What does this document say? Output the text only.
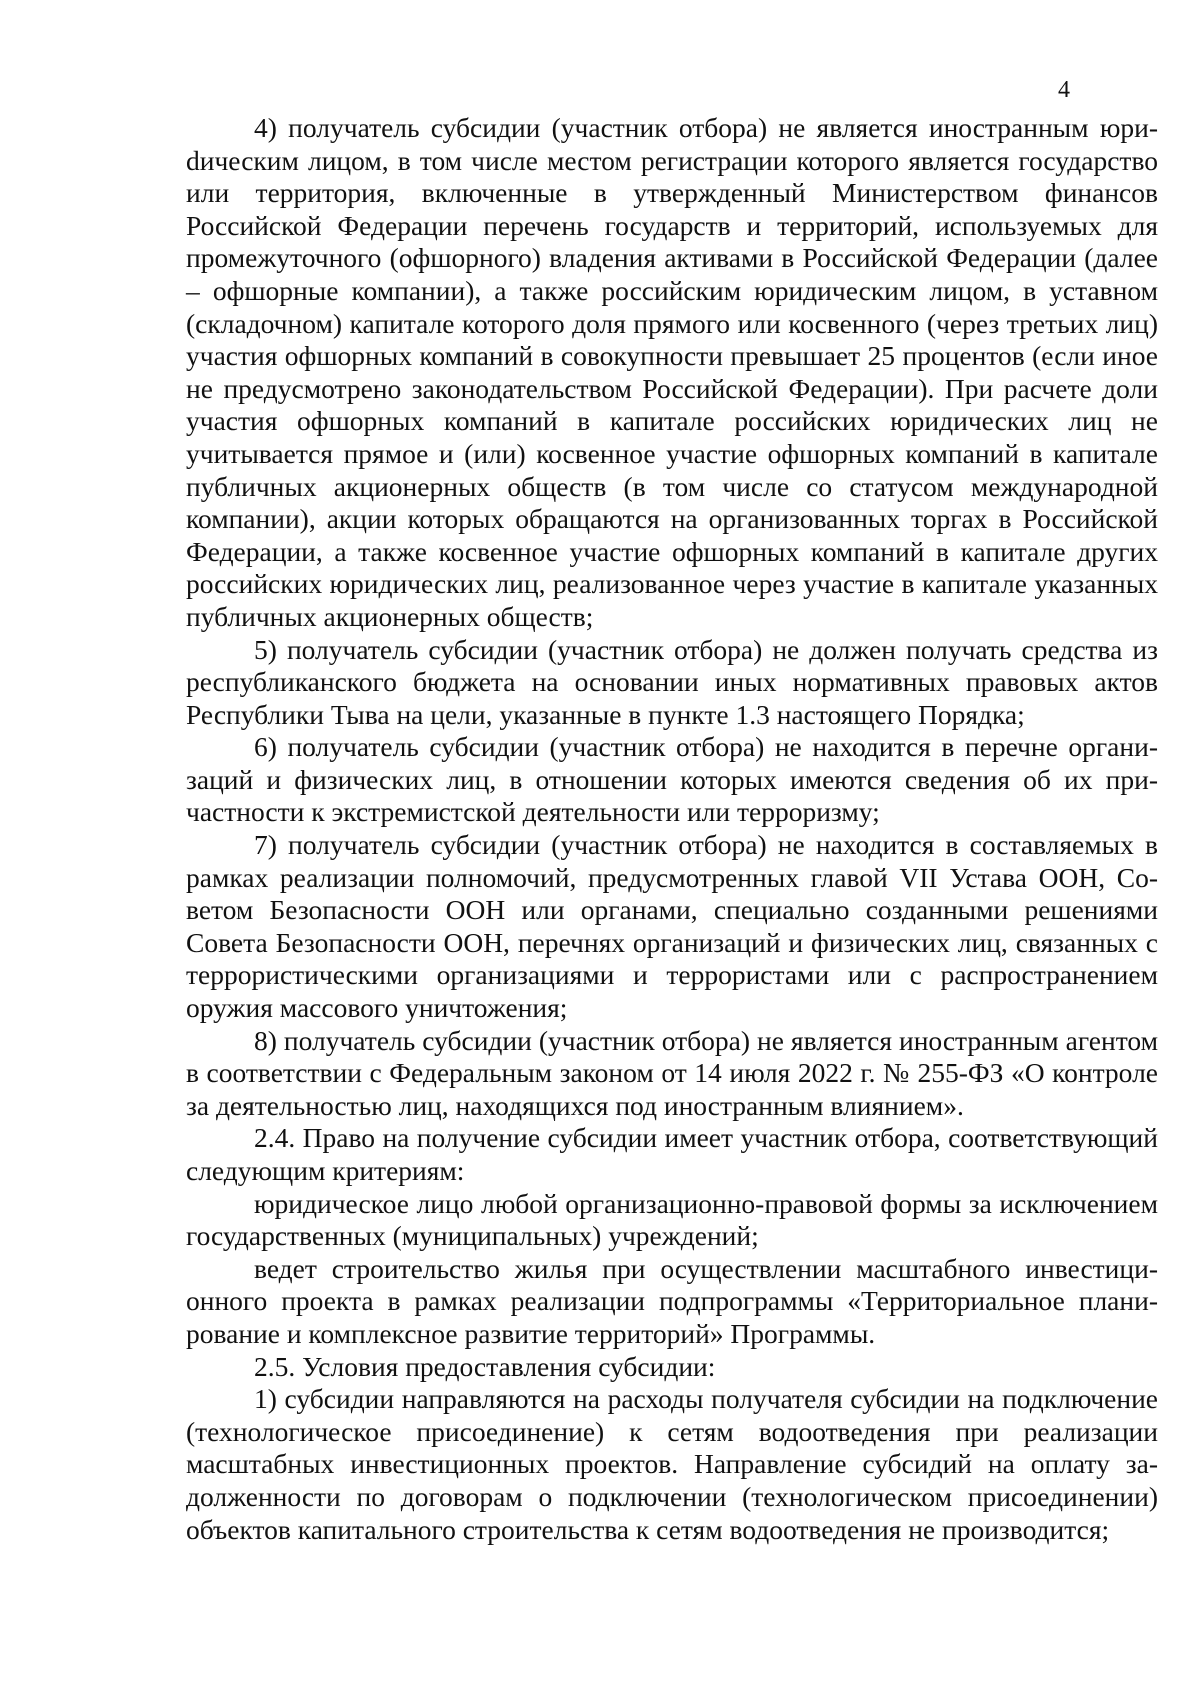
4

4) получатель субсидии (участник отбора) не является иностранным юриdическим лицом, в том числе местом регистрации которого является государство или территория, включенные в утвержденный Министерством финансов Российской Федерации перечень государств и территорий, используемых для промежуточного (офшорного) владения активами в Российской Федерации (далее – офшорные компании), а также российским юридическим лицом, в уставном (складочном) капитале которого доля прямого или косвенного (через третьих лиц) участия офшорных компаний в совокупности превышает 25 процентов (если иное не предусмотрено законодательством Российской Федерации). При расчете доли участия офшорных компаний в капитале российских юридических лиц не учитывается прямое и (или) косвенное участие офшорных компаний в капитале публичных акционерных обществ (в том числе со статусом международной компании), акции которых обращаются на организованных торгах в Российской Федерации, а также косвенное участие офшорных компаний в капитале других российских юридических лиц, реализованное через участие в капитале указанных публичных акционерных обществ;

5) получатель субсидии (участник отбора) не должен получать средства из республиканского бюджета на основании иных нормативных правовых актов Республики Тыва на цели, указанные в пункте 1.3 настоящего Порядка;

6) получатель субсидии (участник отбора) не находится в перечне организаций и физических лиц, в отношении которых имеются сведения об их причастности к экстремистской деятельности или терроризму;

7) получатель субсидии (участник отбора) не находится в составляемых в рамках реализации полномочий, предусмотренных главой VII Устава ООН, Советом Безопасности ООН или органами, специально созданными решениями Совета Безопасности ООН, перечнях организаций и физических лиц, связанных с террористическими организациями и террористами или с распространением оружия массового уничтожения;

8) получатель субсидии (участник отбора) не является иностранным агентом в соответствии с Федеральным законом от 14 июля 2022 г. № 255-ФЗ «О контроле за деятельностью лиц, находящихся под иностранным влиянием».

2.4. Право на получение субсидии имеет участник отбора, соответствующий следующим критериям:

юридическое лицо любой организационно-правовой формы за исключением государственных (муниципальных) учреждений;

ведет строительство жилья при осуществлении масштабного инвестиционного проекта в рамках реализации подпрограммы «Территориальное планирование и комплексное развитие территорий» Программы.

2.5. Условия предоставления субсидии:

1) субсидии направляются на расходы получателя субсидии на подключение (технологическое присоединение) к сетям водоотведения при реализации масштабных инвестиционных проектов. Направление субсидий на оплату задолженности по договорам о подключении (технологическом присоединении) объектов капитального строительства к сетям водоотведения не производится;
